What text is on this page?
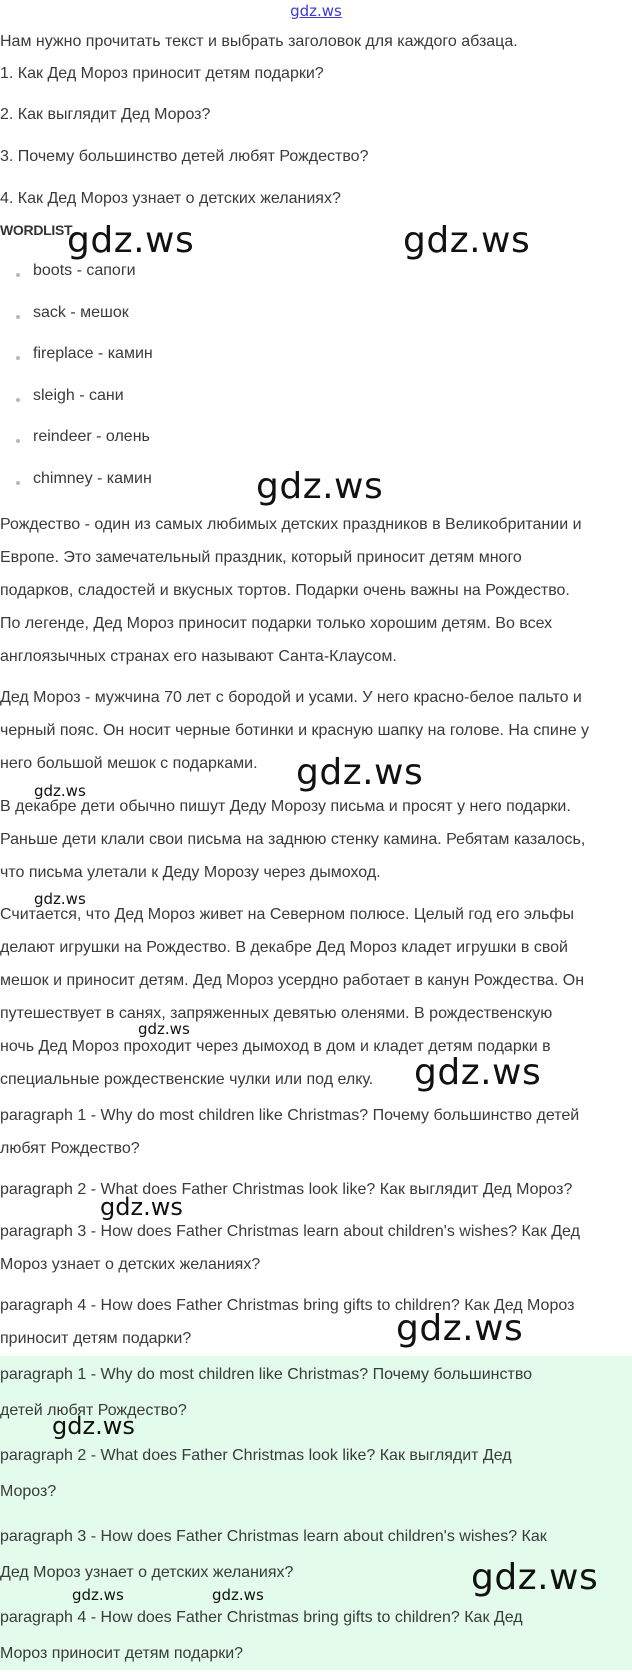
gdz.ws

Нам нужно прочитать текст и выбрать заголовок для каждого абзаца.

1. Как Дед Мороз приносит детям подарки?

2. Как выглядит Дед Мороз?

3. Почему большинство детей любят Рождество?

4. Как Дед Мороз узнает о детских желаниях?

WORDLIST
boots - сапоги
sack - мешок
fireplace - камин
sleigh - сани
reindeer - олень
chimney - камин
Рождество - один из самых любимых детских праздников в Великобритании и
Европе. Это замечательный праздник, который приносит детям много
подарков, сладостей и вкусных тортов. Подарки очень важны на Рождество.
По легенде, Дед Мороз приносит подарки только хорошим детям. Во всех
англоязычных странах его называют Санта-Клаусом.
Дед Мороз - мужчина 70 лет с бородой и усами. У него красно-белое пальто и
черный пояс. Он носит черные ботинки и красную шапку на голове. На спине у
него большой мешок с подарками.
В декабре дети обычно пишут Деду Морозу письма и просят у него подарки.
Раньше дети клали свои письма на заднюю стенку камина. Ребятам казалось,
что письма улетали к Деду Морозу через дымоход.
Считается, что Дед Мороз живет на Северном полюсе. Целый год его эльфы
делают игрушки на Рождество. В декабре Дед Мороз кладет игрушки в свой
мешок и приносит детям. Дед Мороз усердно работает в канун Рождества. Он
путешествует в санях, запряженных девятью оленями. В рождественскую
ночь Дед Мороз проходит через дымоход в дом и кладет детям подарки в
специальные рождественские чулки или под елку.
paragraph 1 - Why do most children like Christmas? Почему большинство детей
любят Рождество?
paragraph 2 - What does Father Christmas look like? Как выглядит Дед Мороз?
paragraph 3 - How does Father Christmas learn about children's wishes? Как Дед
Мороз узнает о детских желаниях?
paragraph 4 - How does Father Christmas bring gifts to children? Как Дед Мороз
приносит детям подарки?
paragraph 1 - Why do most children like Christmas? Почему большинство
детей любят Рождество?
paragraph 2 - What does Father Christmas look like? Как выглядит Дед
Мороз?
paragraph 3 - How does Father Christmas learn about children's wishes? Как
Дед Мороз узнает о детских желаниях?
paragraph 4 - How does Father Christmas bring gifts to children? Как Дед
Мороз приносит детям подарки?
gdz.ws	gdz.ws
gdz.ws
gdz.ws
gdz.ws
gdz.ws
gdz.ws
gdz.ws
gdz.ws
gdz.ws
gdz.ws
gdz.ws
gdz.ws	gdz.ws
